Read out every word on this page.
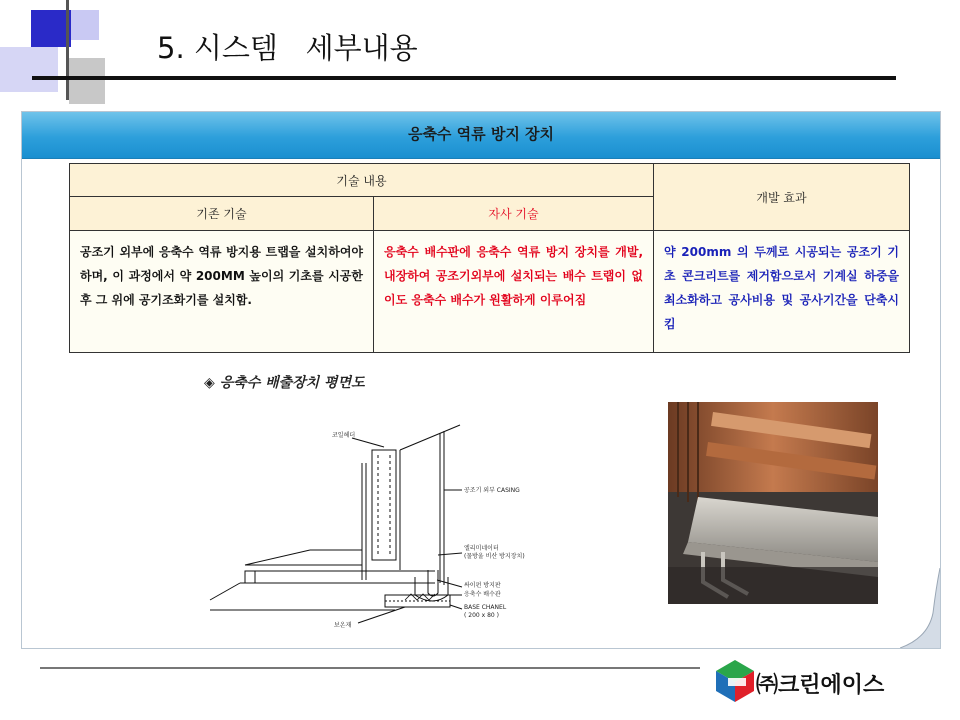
5. 시스템   세부내용
응축수 역류 방지 장치
기술 내용		개발 효과
기존 기술	자사 기술	
공조기 외부에 응축수 역류 방지용 트랩을 설치하여야 하며, 이 과정에서 약 200MM 높이의 기초를 시공한 후 그 위에 공기조화기를 설치함.	응축수 배수판에 응축수 역류 방지 장치를 개발, 내장하여 공조기외부에 설치되는 배수 트랩이 없이도 응축수 배수가 원활하게 이루어짐	약 200mm 의 두께로 시공되는 공조기 기초 콘크리트를 제거함으로서 기계실 하중을 최소화하고 공사비용 및 공사기간을 단축시킴
◈ 응축수 배출장치 평면도
코일헤더
공조기 외부 CASING
엘리미네이터
(물방울 비산 방지장치)
싸이펀 방지판
응축수 배수관
BASE CHANEL
( 200 x 80 )
보온재
㈜크린에이스
